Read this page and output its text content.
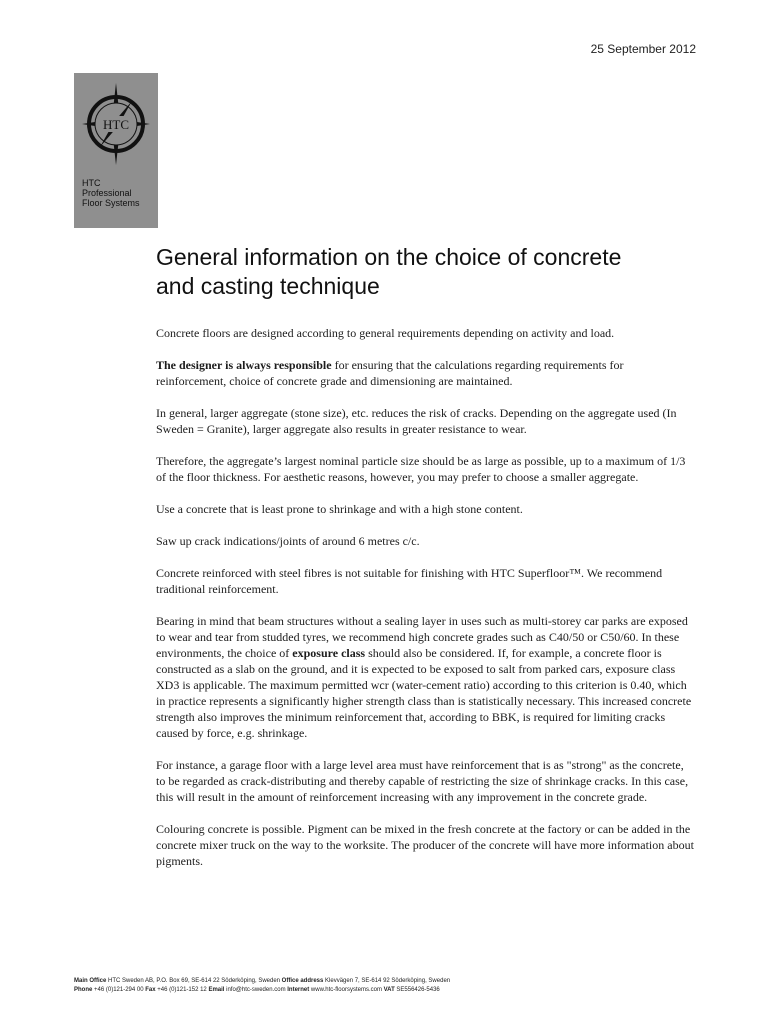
25 September 2012
HTC
HTC
Professional
Floor Systems
General information on the choice of concrete
and casting technique

Concrete floors are designed according to general requirements depending on activity and load.

The designer is always responsible for ensuring that the calculations regarding requirements for reinforcement, choice of concrete grade and dimensioning are maintained.

In general, larger aggregate (stone size), etc. reduces the risk of cracks. Depending on the aggregate used (In Sweden = Granite), larger aggregate also results in greater resistance to wear.

Therefore, the aggregate’s largest nominal particle size should be as large as possible, up to a maximum of 1/3 of the floor thickness. For aesthetic reasons, however, you may prefer to choose a smaller aggregate.

Use a concrete that is least prone to shrinkage and with a high stone content.

Saw up crack indications/joints of around 6 metres c/c.

Concrete reinforced with steel fibres is not suitable for finishing with HTC Superfloor™. We recommend traditional reinforcement.

Bearing in mind that beam structures without a sealing layer in uses such as multi-storey car parks are exposed to wear and tear from studded tyres, we recommend high concrete grades such as C40/50 or C50/60. In these environments, the choice of exposure class should also be considered. If, for example, a concrete floor is constructed as a slab on the ground, and it is expected to be exposed to salt from parked cars, exposure class XD3 is applicable. The maximum permitted wcr (water-cement ratio) according to this criterion is 0.40, which in practice represents a significantly higher strength class than is statistically necessary. This increased concrete strength also improves the minimum reinforcement that, according to BBK, is required for limiting cracks caused by force, e.g. shrinkage.

For instance, a garage floor with a large level area must have reinforcement that is as "strong" as the concrete, to be regarded as crack-distributing and thereby capable of restricting the size of shrinkage cracks. In this case, this will result in the amount of reinforcement increasing with any improvement in the concrete grade.

Colouring concrete is possible. Pigment can be mixed in the fresh concrete at the factory or can be added in the concrete mixer truck on the way to the worksite. The producer of the concrete will have more information about pigments.

Main Office HTC Sweden AB, P.O. Box 69, SE-614 22 Söderköping, Sweden Office address Klevvägen 7, SE-614 92 Söderköping, Sweden
Phone +46 (0)121-294 00 Fax +46 (0)121-152 12 Email info@htc-sweden.com Internet www.htc-floorsystems.com VAT SE556426-5436
